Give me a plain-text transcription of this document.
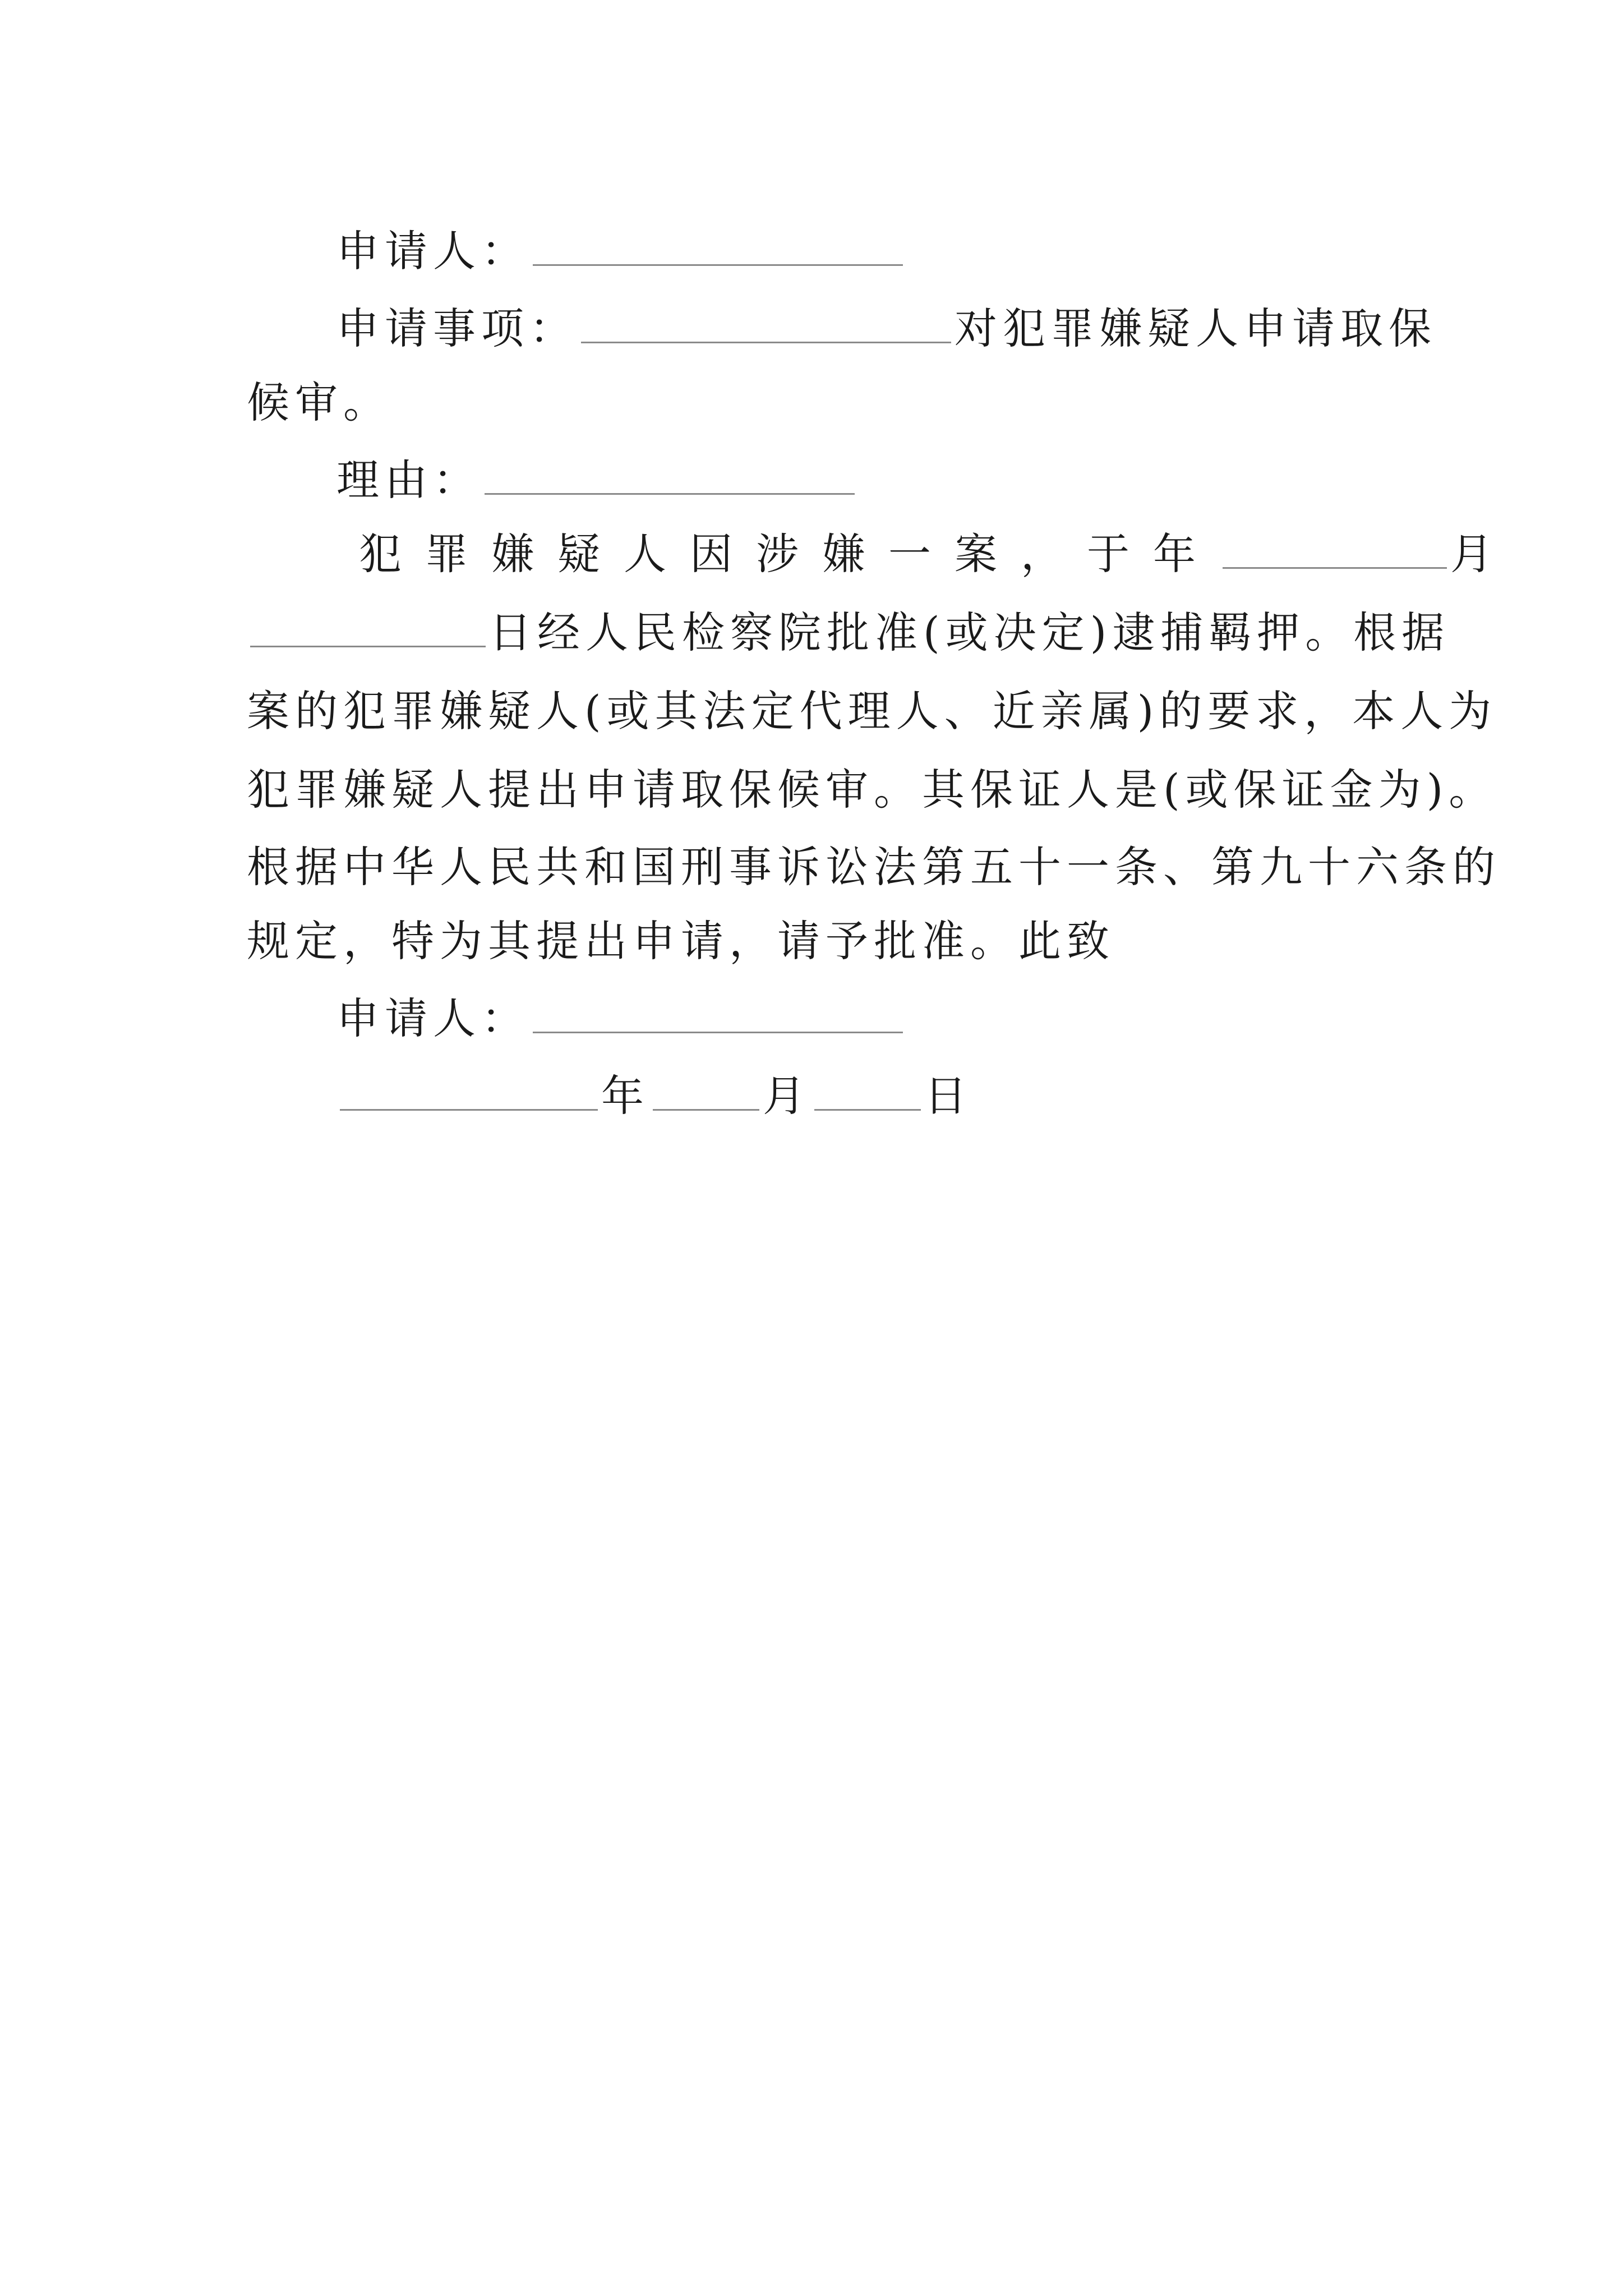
申请人：
申请事项：	对犯罪嫌疑人申请取保
候审。
理由：
犯罪嫌疑人因涉嫌一案，于年	月
日经人民检察院批准(或决定)逮捕羁押。根据
案的犯罪嫌疑人(或其法定代理人、近亲属)的要求，本人为
犯罪嫌疑人提出申请取保候审。其保证人是(或保证金为)。
根据中华人民共和国刑事诉讼法第五十一条、第九十六条的
规定，特为其提出申请，请予批准。此致
申请人：
年	月	日
